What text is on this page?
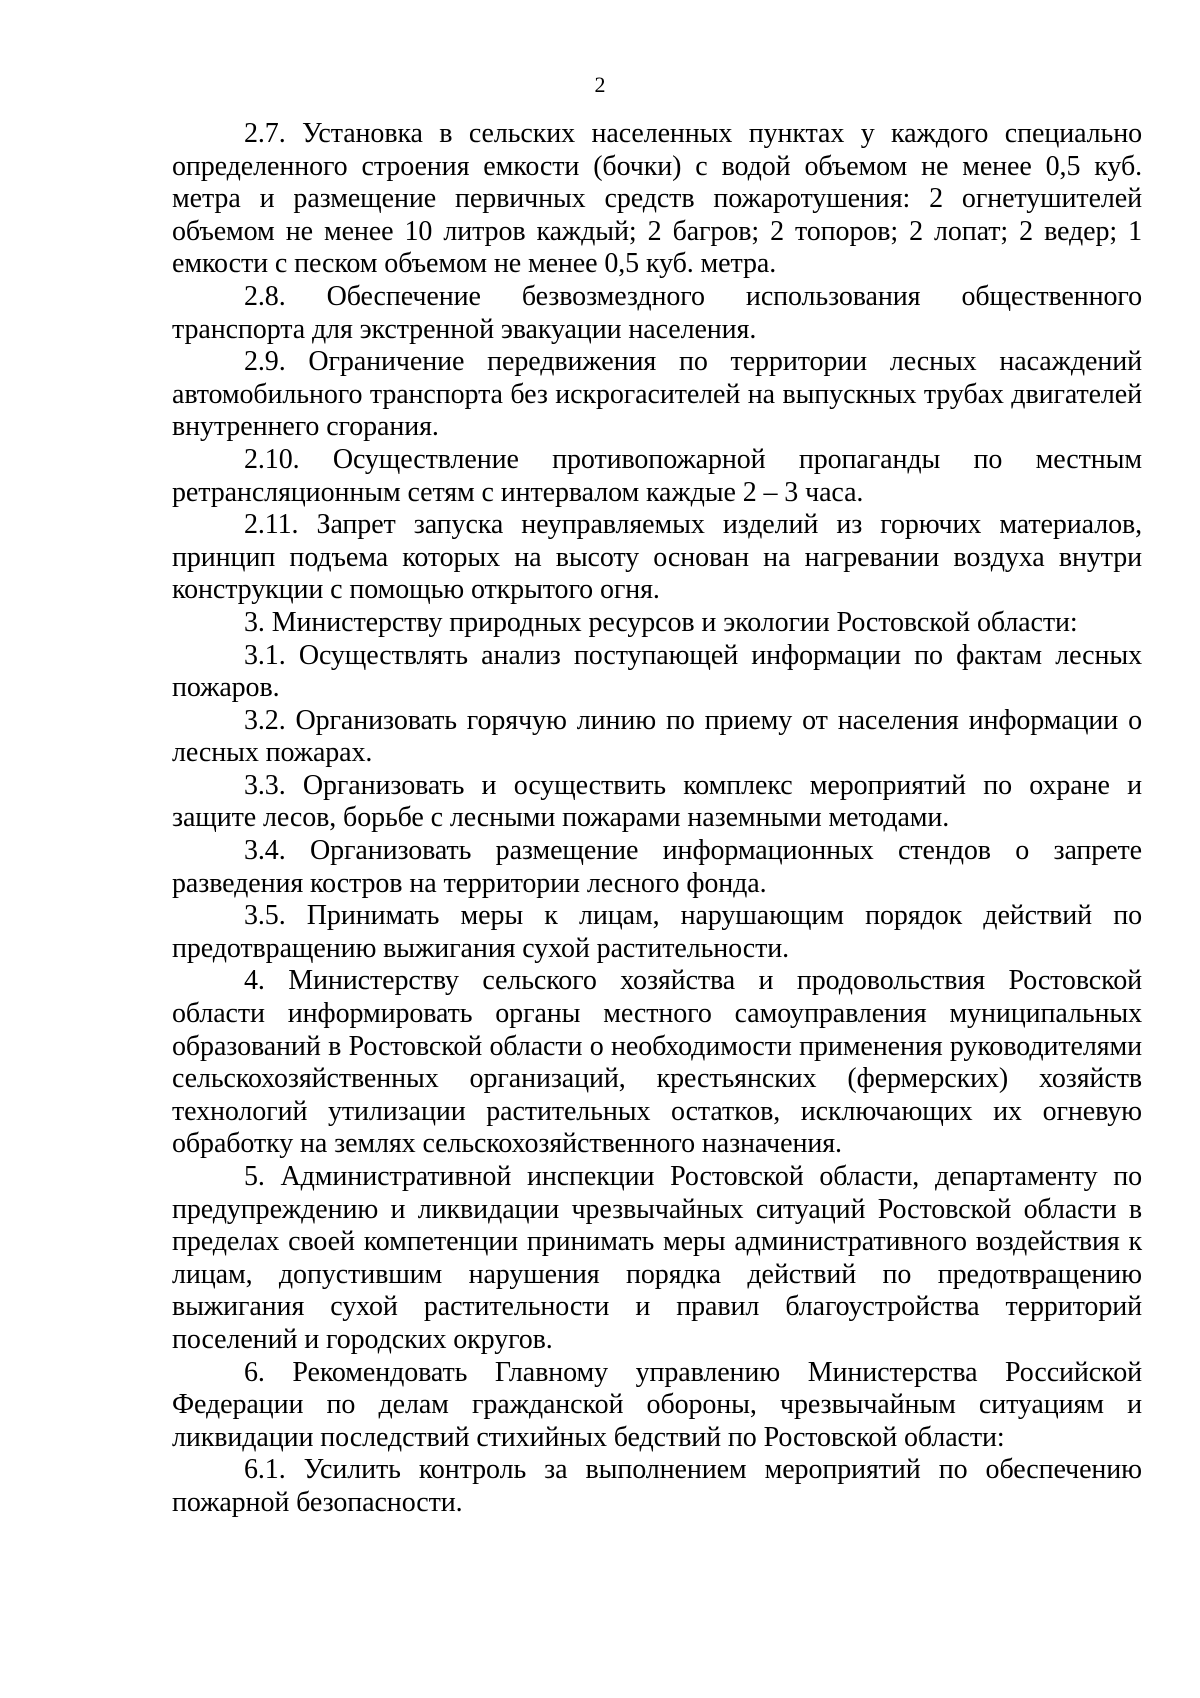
2

2.7. Установка в сельских населенных пунктах у каждого специально определенного строения емкости (бочки) с водой объемом не менее 0,5 куб. метра и размещение первичных средств пожаротушения: 2 огнетушителей объемом не менее 10 литров каждый; 2 багров; 2 топоров; 2 лопат; 2 ведер; 1 емкости с песком объемом не менее 0,5 куб. метра.

2.8. Обеспечение безвозмездного использования общественного транспорта для экстренной эвакуации населения.

2.9. Ограничение передвижения по территории лесных насаждений автомобильного транспорта без искрогасителей на выпускных трубах двигателей внутреннего сгорания.

2.10. Осуществление противопожарной пропаганды по местным ретрансляционным сетям с интервалом каждые 2 – 3 часа.

2.11. Запрет запуска неуправляемых изделий из горючих материалов, принцип подъема которых на высоту основан на нагревании воздуха внутри конструкции с помощью открытого огня.

3. Министерству природных ресурсов и экологии Ростовской области:

3.1. Осуществлять анализ поступающей информации по фактам лесных пожаров.

3.2. Организовать горячую линию по приему от населения информации о лесных пожарах.

3.3. Организовать и осуществить комплекс мероприятий по охране и защите лесов, борьбе с лесными пожарами наземными методами.

3.4. Организовать размещение информационных стендов о запрете разведения костров на территории лесного фонда.

3.5. Принимать меры к лицам, нарушающим порядок действий по предотвращению выжигания сухой растительности.

4. Министерству сельского хозяйства и продовольствия Ростовской области информировать органы местного самоуправления муниципальных образований в Ростовской области о необходимости применения руководителями сельскохозяйственных организаций, крестьянских (фермерских) хозяйств технологий утилизации растительных остатков, исключающих их огневую обработку на землях сельскохозяйственного назначения.

5. Административной инспекции Ростовской области, департаменту по предупреждению и ликвидации чрезвычайных ситуаций Ростовской области в пределах своей компетенции принимать меры административного воздействия к лицам, допустившим нарушения порядка действий по предотвращению выжигания сухой растительности и правил благоустройства территорий поселений и городских округов.

6. Рекомендовать Главному управлению Министерства Российской Федерации по делам гражданской обороны, чрезвычайным ситуациям и ликвидации последствий стихийных бедствий по Ростовской области:

6.1. Усилить контроль за выполнением мероприятий по обеспечению пожарной безопасности.
